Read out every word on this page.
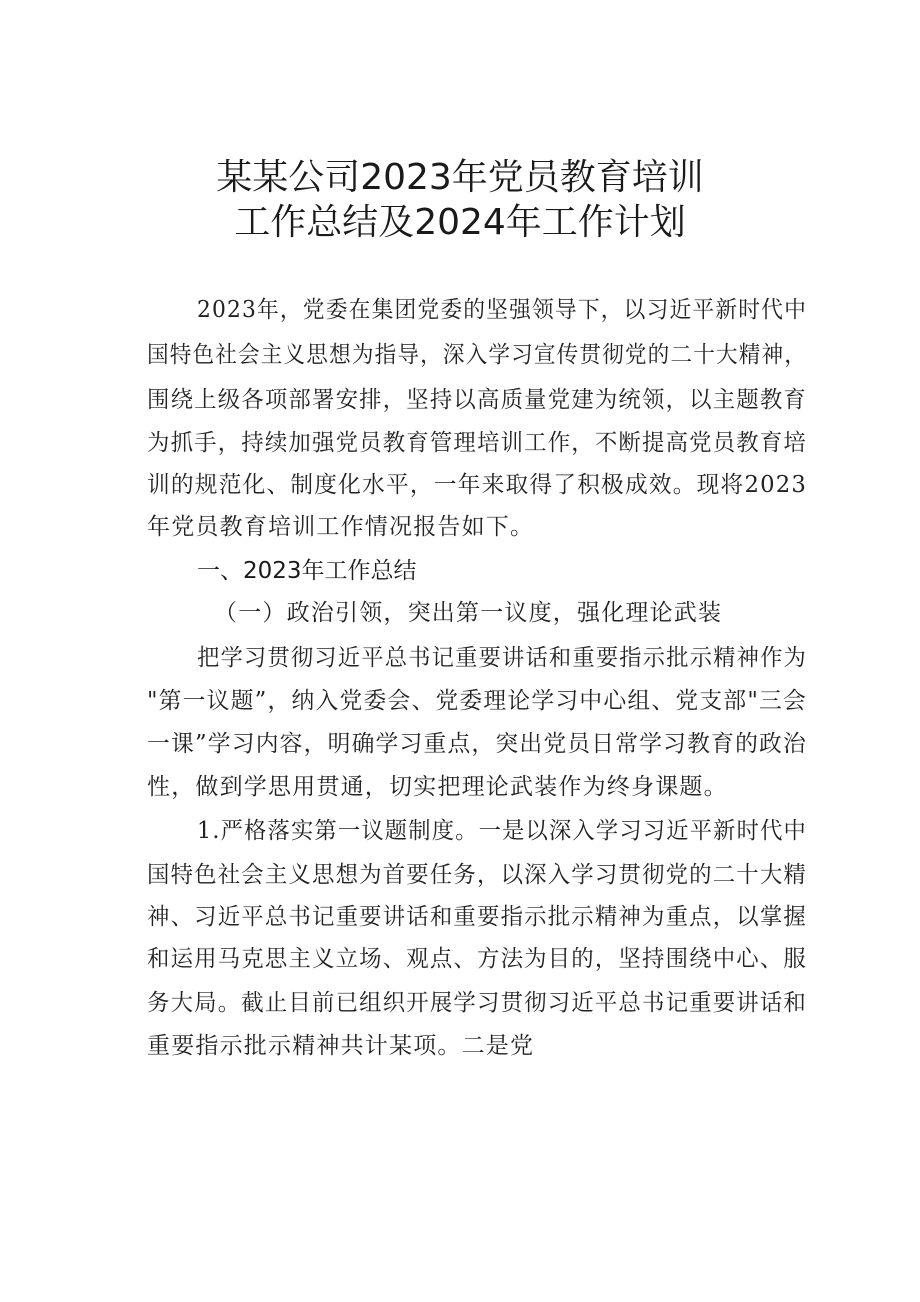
某某公司2023年党员教育培训
工作总结及2024年工作计划
2023年，党委在集团党委的坚强领导下，以习近平新时代中
国特色社会主义思想为指导，深入学习宣传贯彻党的二十大精神，
围绕上级各项部署安排，坚持以高质量党建为统领，以主题教育
为抓手，持续加强党员教育管理培训工作，不断提高党员教育培
训的规范化、制度化水平，一年来取得了积极成效。现将2023
年党员教育培训工作情况报告如下。
一、2023年工作总结
（一）政治引领，突出第一议度，强化理论武装
把学习贯彻习近平总书记重要讲话和重要指示批示精神作为
"第一议题”，纳入党委会、党委理论学习中心组、党支部"三会
一课”学习内容，明确学习重点，突出党员日常学习教育的政治
性，做到学思用贯通，切实把理论武装作为终身课题。
1.严格落实第一议题制度。一是以深入学习习近平新时代中
国特色社会主义思想为首要任务，以深入学习贯彻党的二十大精
神、习近平总书记重要讲话和重要指示批示精神为重点，以掌握
和运用马克思主义立场、观点、方法为目的，坚持围绕中心、服
务大局。截止目前已组织开展学习贯彻习近平总书记重要讲话和
重要指示批示精神共计某项。二是党
